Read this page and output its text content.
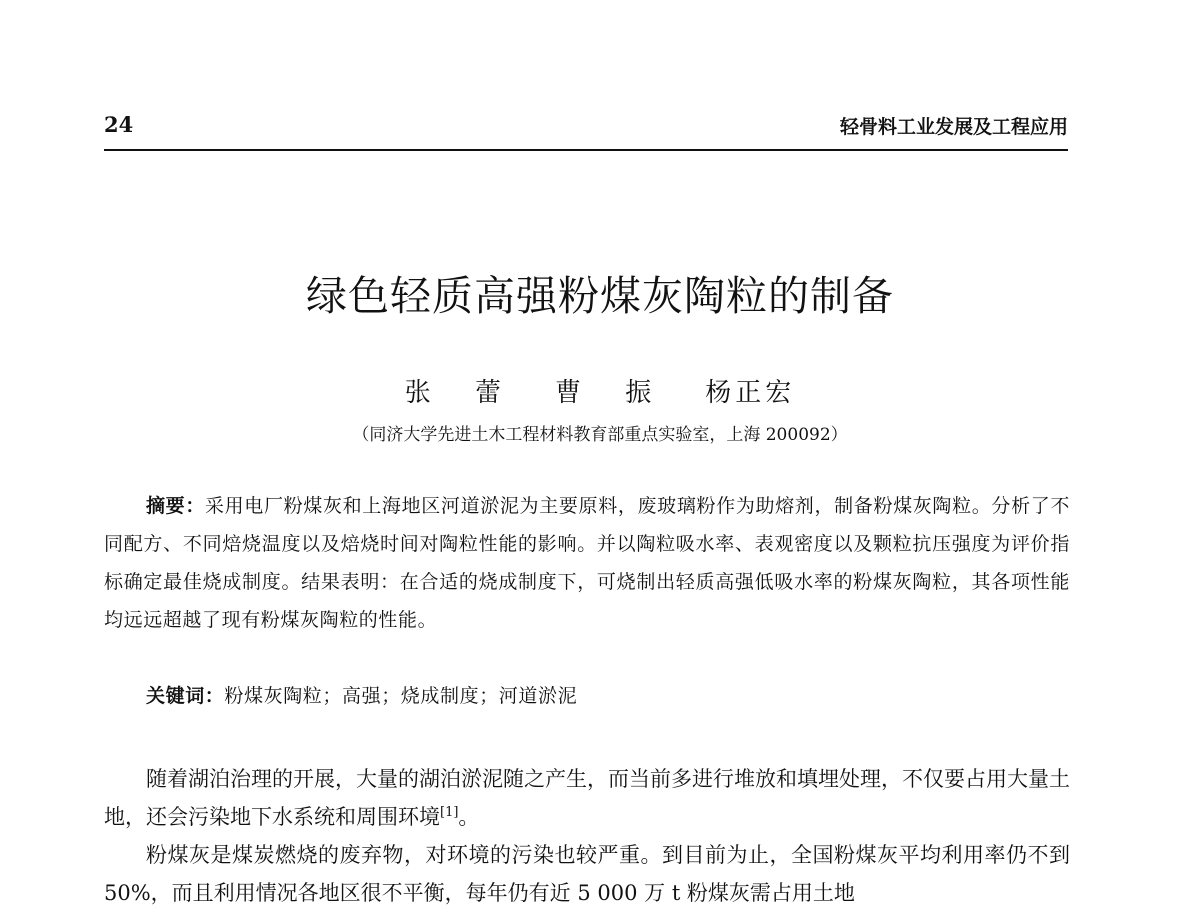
24	轻骨料工业发展及工程应用
绿色轻质高强粉煤灰陶粒的制备
张 蕾 曹 振 杨正宏
（同济大学先进土木工程材料教育部重点实验室，上海 200092）
摘要：采用电厂粉煤灰和上海地区河道淤泥为主要原料，废玻璃粉作为助熔剂，制备粉煤灰陶粒。分析了不同配方、不同焙烧温度以及焙烧时间对陶粒性能的影响。并以陶粒吸水率、表观密度以及颗粒抗压强度为评价指标确定最佳烧成制度。结果表明：在合适的烧成制度下，可烧制出轻质高强低吸水率的粉煤灰陶粒，其各项性能均远远超越了现有粉煤灰陶粒的性能。
关键词：粉煤灰陶粒；高强；烧成制度；河道淤泥

随着湖泊治理的开展，大量的湖泊淤泥随之产生，而当前多进行堆放和填埋处理，不仅要占用大量土地，还会污染地下水系统和周围环境[1]。

粉煤灰是煤炭燃烧的废弃物，对环境的污染也较严重。到目前为止，全国粉煤灰平均利用率仍不到50%，而且利用情况各地区很不平衡，每年仍有近 5 000 万 t 粉煤灰需占用土地
